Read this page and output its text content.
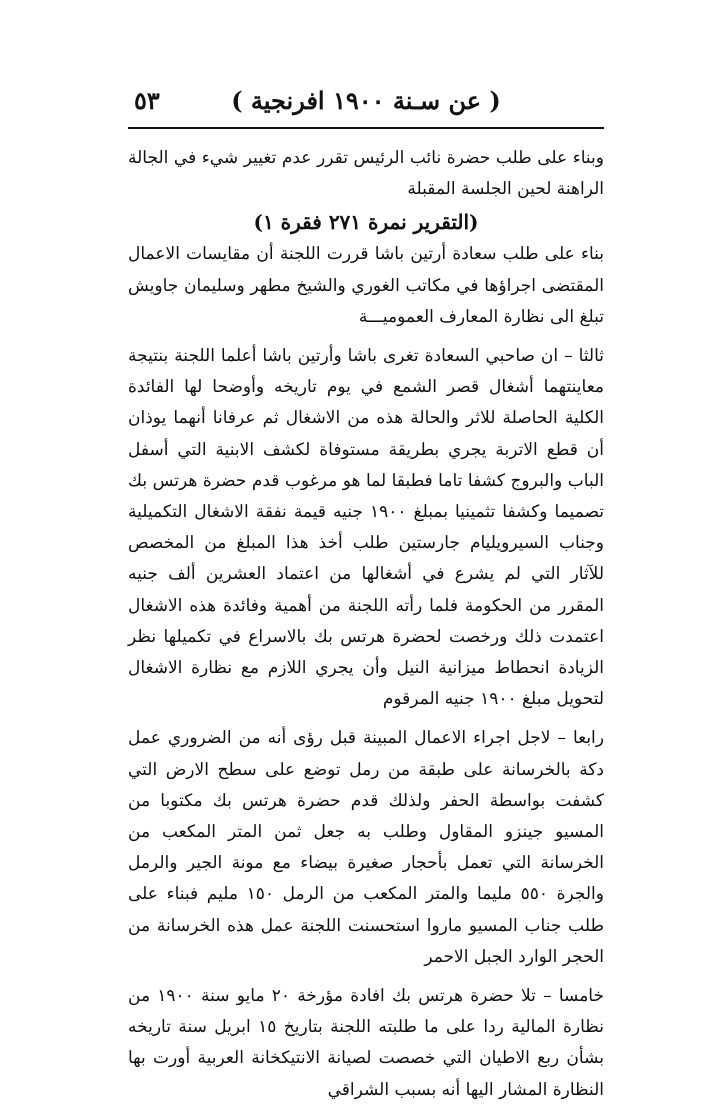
( عن سـنة ١٩٠٠ افرنجية )
٥٣

وبناء على طلب حضرة نائب الرئيس تقرر عدم تغيير شيء في الجالة الراهنة لحين الجلسة المقبلة

(التقرير نمرة ٢٧١ فقرة ١)

بناء على طلب سعادة أرتين باشا قررت اللجنة أن مقايسات الاعمال المقتضى اجراؤها في مكاتب الغوري والشيخ مطهر وسليمان جاويش تبلغ الى نظارة المعارف العموميـــة

ثالثا – ان صاحبي السعادة تغرى باشا وأرتين باشا أعلما اللجنة بنتيجة معاينتهما أشغال قصر الشمع في يوم تاريخه وأوضحا لها الفائدة الكلية الحاصلة للاثر والحالة هذه من الاشغال ثم عرفانا أنهما يوذان أن قطع الاتربة يجري بطريقة مستوفاة لكشف الابنية التي أسفل الباب والبروج كشفا تاما فطبقا لما هو مرغوب قدم حضرة هرتس بك تصميما وكشفا تثمينيا بمبلغ ١٩٠٠ جنيه قيمة نفقة الاشغال التكميلية وجناب السيرويليام جارستين طلب أخذ هذا المبلغ من المخصص للآثار التي لم يشرع في أشغالها من اعتماد العشرين ألف جنيه المقرر من الحكومة فلما رأته اللجنة من أهمية وفائدة هذه الاشغال اعتمدت ذلك ورخصت لحضرة هرتس بك بالاسراع في تكميلها نظر الزيادة انحطاط ميزانية النيل وأن يجري اللازم مع نظارة الاشغال لتحويل مبلغ ١٩٠٠ جنيه المرقوم

رابعا – لاجل اجراء الاعمال المبينة قبل رؤى أنه من الضروري عمل دكة بالخرسانة على طبقة من رمل توضع على سطح الارض التي كشفت بواسطة الحفر ولذلك قدم حضرة هرتس بك مكتوبا من المسيو جينزو المقاول وطلب به جعل ثمن المتر المكعب من الخرسانة التي تعمل بأحجار صغيرة بيضاء مع مونة الجير والرمل والجرة ٥٥٠ مليما والمتر المكعب من الرمل ١٥٠ مليم فبناء على طلب جناب المسيو ماروا استحسنت اللجنة عمل هذه الخرسانة من الحجر الوارد الجبل الاحمر

خامسا – تلا حضرة هرتس بك افادة مؤرخة ٢٠ مايو سنة ١٩٠٠ من نظارة المالية ردا على ما طلبته اللجنة بتاريخ ١٥ ابريل سنة تاريخه بشأن ربع الاطيان التي خصصت لصيانة الانتيكخانة العربية أورت بها النظارة المشار اليها أنه بسبب الشراقي
